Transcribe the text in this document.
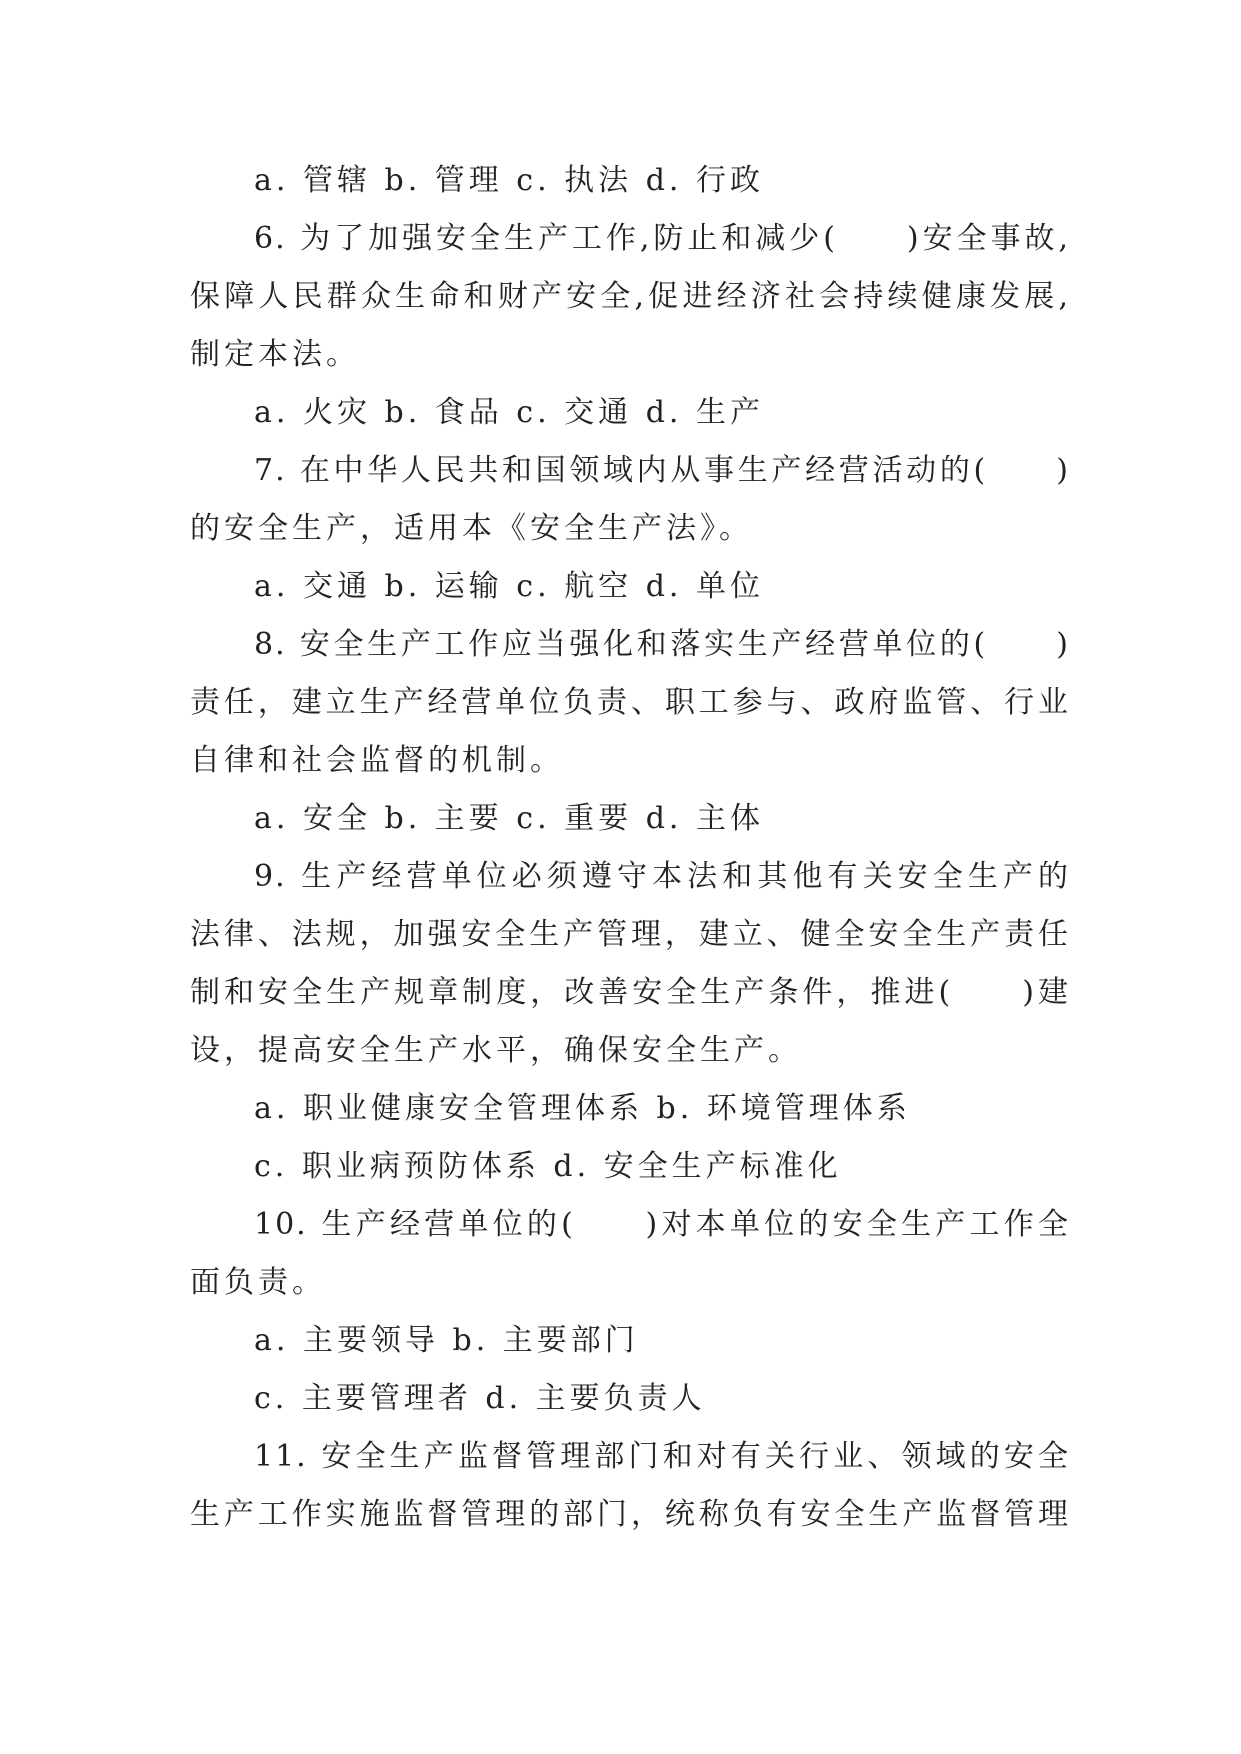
a. 管辖 b. 管理 c. 执法 d. 行政
6. 为了加强安全生产工作,防止和减少(　　)安全事故,
保障人民群众生命和财产安全,促进经济社会持续健康发展,
制定本法。
a. 火灾 b. 食品 c. 交通 d. 生产
7. 在中华人民共和国领域内从事生产经营活动的(　　)
的安全生产，适用本《安全生产法》。
a. 交通 b. 运输 c. 航空 d. 单位
8. 安全生产工作应当强化和落实生产经营单位的(　　)
责任，建立生产经营单位负责、职工参与、政府监管、行业
自律和社会监督的机制。
a. 安全 b. 主要 c. 重要 d. 主体
9. 生产经营单位必须遵守本法和其他有关安全生产的
法律、法规，加强安全生产管理，建立、健全安全生产责任
制和安全生产规章制度，改善安全生产条件，推进(　　)建
设，提高安全生产水平，确保安全生产。
a. 职业健康安全管理体系 b. 环境管理体系
c. 职业病预防体系 d. 安全生产标准化
10. 生产经营单位的(　　)对本单位的安全生产工作全
面负责。
a. 主要领导 b. 主要部门
c. 主要管理者 d. 主要负责人
11. 安全生产监督管理部门和对有关行业、领域的安全
生产工作实施监督管理的部门，统称负有安全生产监督管理
